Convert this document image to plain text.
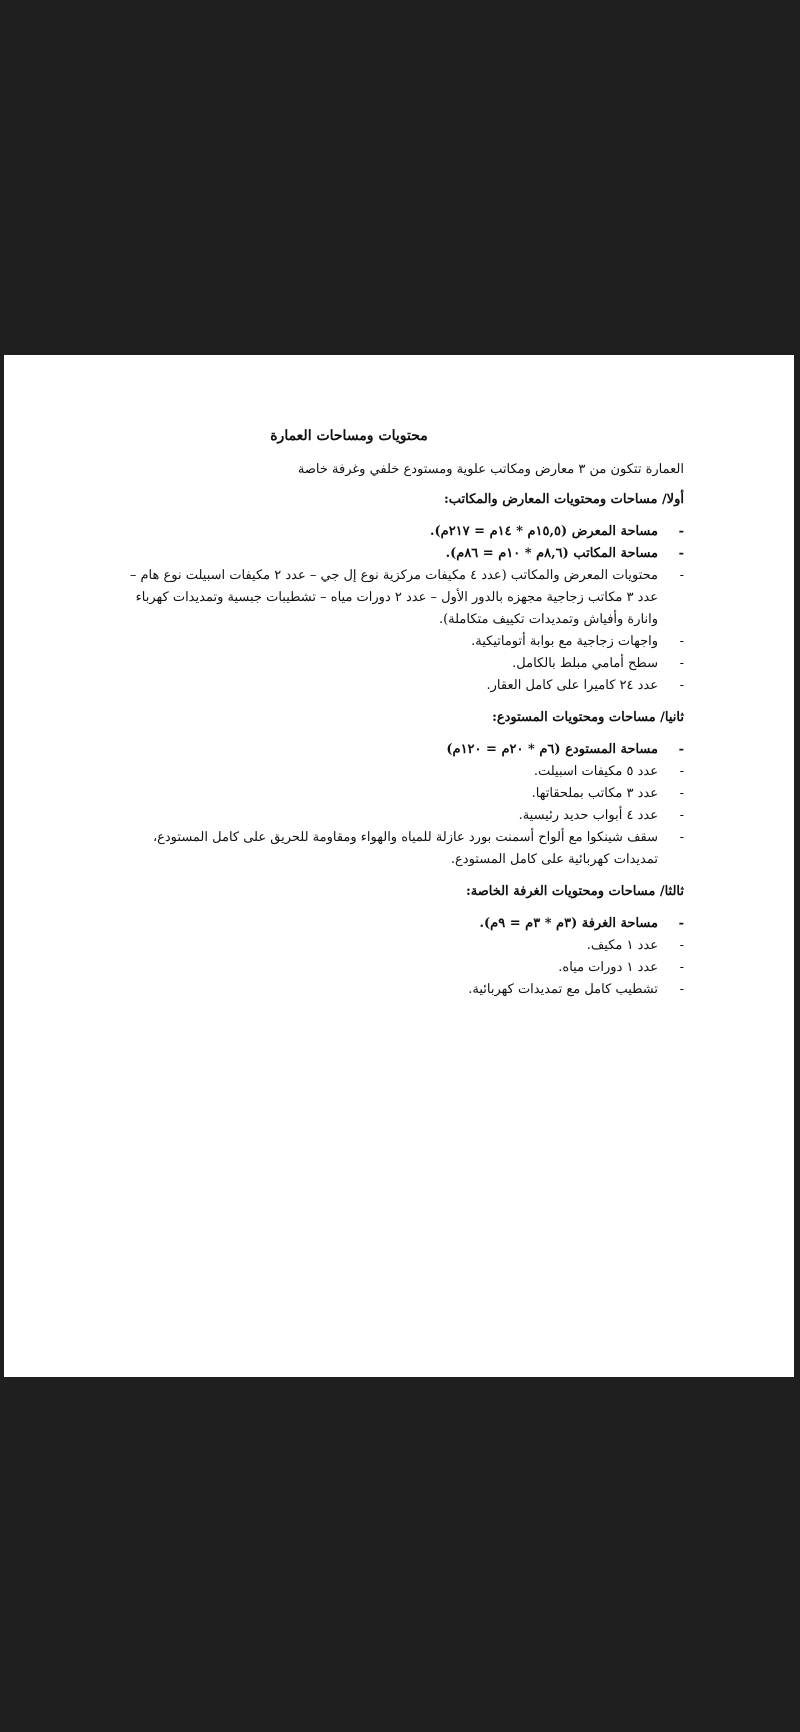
محتويات ومساحات العمارة
العمارة تتكون من ٣ معارض ومكاتب علوية ومستودع خلفي وغرفة خاصة
أولا/ مساحات ومحتويات المعارض والمكاتب:
- مساحة المعرض (١٥,٥م * ١٤م = ٢١٧م).
- مساحة المكاتب (٨,٦م * ١٠م = ٨٦م).
- محتويات المعرض والمكاتب (عدد ٤ مكيفات مركزية نوع إل جي – عدد ٢ مكيفات اسبيلت نوع هام – عدد ٣ مكاتب زجاجية مجهزه بالدور الأول – عدد ٢ دورات مياه – تشطيبات جبسية وتمديدات كهرباء وانارة وأفياش وتمديدات تكييف متكاملة).
- واجهات زجاجية مع بوابة أتوماتيكية.
- سطح أمامي مبلط بالكامل.
- عدد ٢٤ كاميرا على كامل العقار.
ثانيا/ مساحات ومحتويات المستودع:
- مساحة المستودع (٦م * ٢٠م = ١٢٠م)
- عدد ٥ مكيفات اسبيلت.
- عدد ٣ مكاتب بملحقاتها.
- عدد ٤ أبواب حديد رئيسية.
- سقف شينكوا مع ألواح أسمنت بورد عازلة للمياه والهواء ومقاومة للحريق على كامل المستودع، تمديدات كهربائية على كامل المستودع.
ثالثا/ مساحات ومحتويات الغرفة الخاصة:
- مساحة الغرفة (٣م * ٣م = ٩م).
- عدد ١ مكيف.
- عدد ١ دورات مياه.
- تشطيب كامل مع تمديدات كهربائية.
